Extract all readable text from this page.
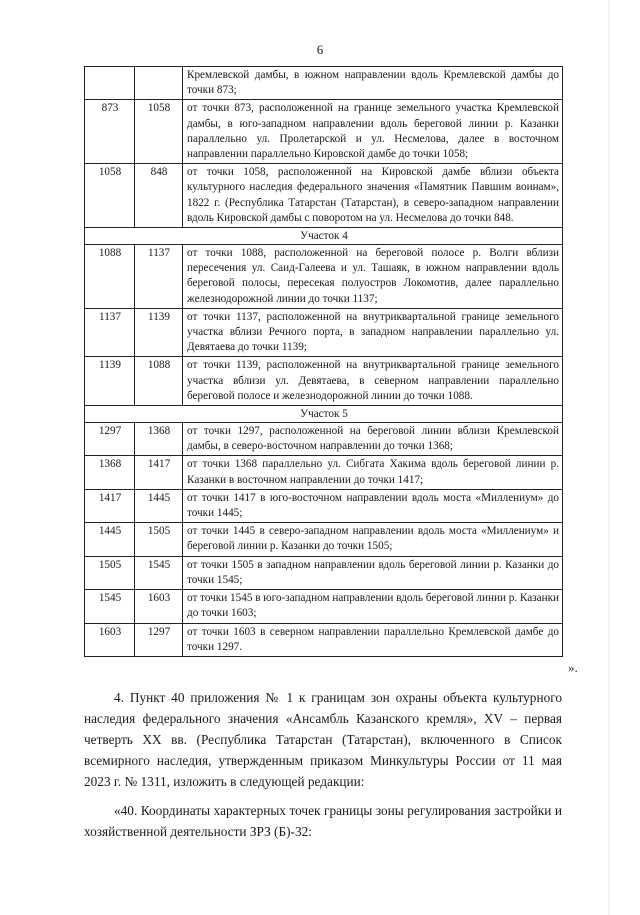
6
		Кремлевской дамбы, в южном направлении вдоль Кремлевской дамбы до точки 873;
873	1058	от точки 873, расположенной на границе земельного участка Кремлевской дамбы, в юго-западном направлении вдоль береговой линии р. Казанки параллельно ул. Пролетарской и ул. Несмелова, далее в восточном направлении параллельно Кировской дамбе до точки 1058;
1058	848	от точки 1058, расположенной на Кировской дамбе вблизи объекта культурного наследия федерального значения «Памятник Павшим воинам», 1822 г. (Республика Татарстан (Татарстан), в северо-западном направлении вдоль Кировской дамбы с поворотом на ул. Несмелова до точки 848.
Участок 4		
1088	1137	от точки 1088, расположенной на береговой полосе р. Волги вблизи пересечения ул. Саид-Галеева и ул. Ташаяк, в южном направлении вдоль береговой полосы, пересекая полуостров Локомотив, далее параллельно железнодорожной линии до точки 1137;
1137	1139	от точки 1137, расположенной на внутриквартальной границе земельного участка вблизи Речного порта, в западном направлении параллельно ул. Девятаева до точки 1139;
1139	1088	от точки 1139, расположенной на внутриквартальной границе земельного участка вблизи ул. Девятаева, в северном направлении параллельно береговой полосе и железнодорожной линии до точки 1088.
Участок 5		
1297	1368	от точки 1297, расположенной на береговой линии вблизи Кремлевской дамбы, в северо-восточном направлении до точки 1368;
1368	1417	от точки 1368 параллельно ул. Сибгата Хакима вдоль береговой линии р. Казанки в восточном направлении до точки 1417;
1417	1445	от точки 1417 в юго-восточном направлении вдоль моста «Миллениум» до точки 1445;
1445	1505	от точки 1445 в северо-западном направлении вдоль моста «Миллениум» и береговой линии р. Казанки до точки 1505;
1505	1545	от точки 1505 в западном направлении вдоль береговой линии р. Казанки до точки 1545;
1545	1603	от точки 1545 в юго-западном направлении вдоль береговой линии р. Казанки до точки 1603;
1603	1297	от точки 1603 в северном направлении параллельно Кремлевской дамбе до точки 1297.
».
4. Пункт 40 приложения № 1 к границам зон охраны объекта культурного наследия федерального значения «Ансамбль Казанского кремля», XV – первая четверть XX вв. (Республика Татарстан (Татарстан), включенного в Список всемирного наследия, утвержденным приказом Минкультуры России от 11 мая 2023 г. № 1311, изложить в следующей редакции:
«40. Координаты характерных точек границы зоны регулирования застройки и хозяйственной деятельности ЗРЗ (Б)-32:
